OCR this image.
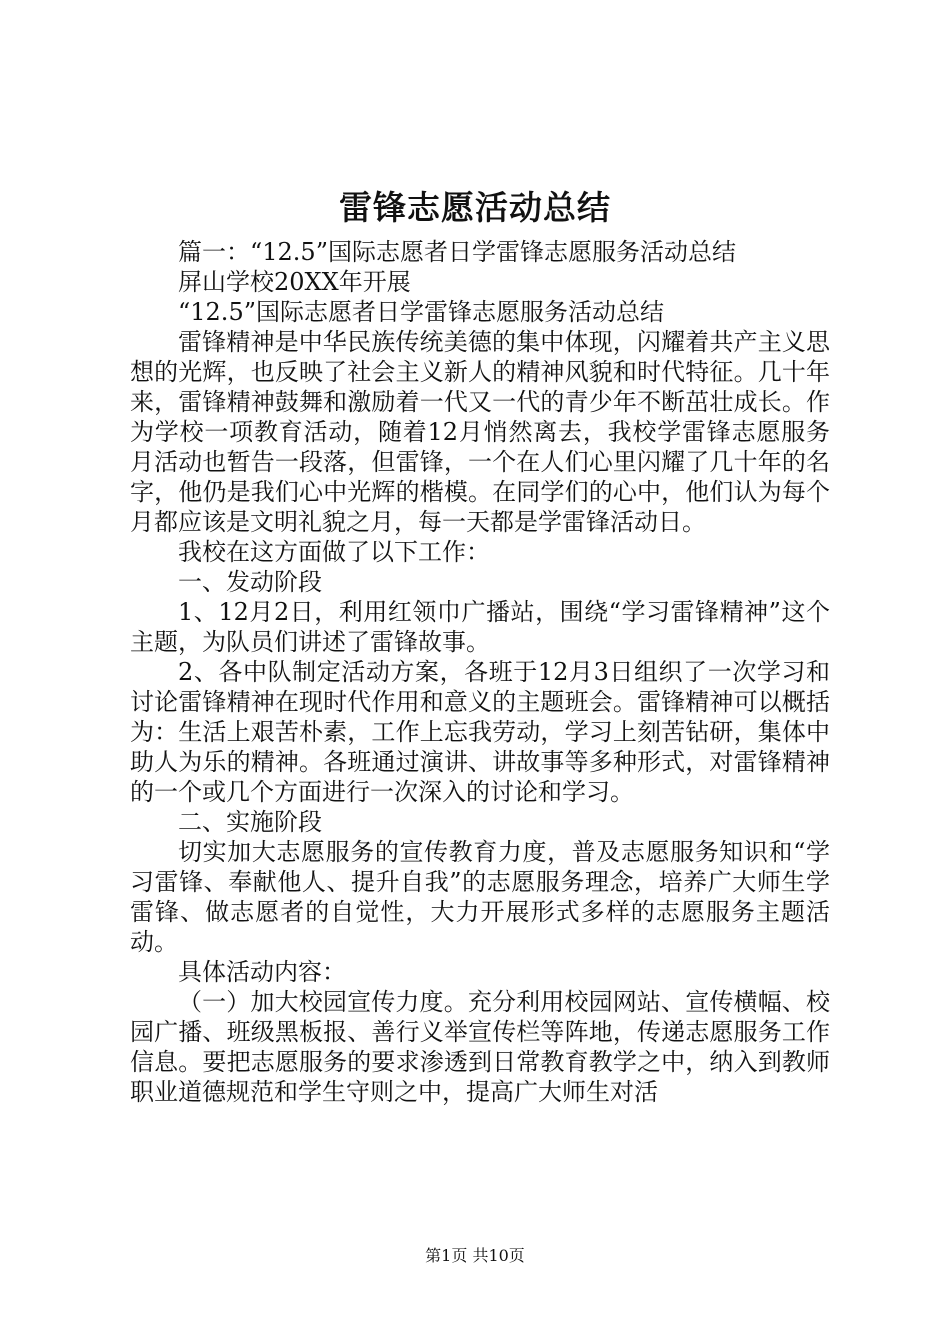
雷锋志愿活动总结

篇一：“12.5”国际志愿者日学雷锋志愿服务活动总结

屏山学校20XX年开展

“12.5”国际志愿者日学雷锋志愿服务活动总结

雷锋精神是中华民族传统美德的集中体现，闪耀着共产主义思想的光辉，也反映了社会主义新人的精神风貌和时代特征。几十年来，雷锋精神鼓舞和激励着一代又一代的青少年不断茁壮成长。作为学校一项教育活动，随着12月悄然离去，我校学雷锋志愿服务月活动也暂告一段落，但雷锋，一个在人们心里闪耀了几十年的名字，他仍是我们心中光辉的楷模。在同学们的心中，他们认为每个月都应该是文明礼貌之月，每一天都是学雷锋活动日。

我校在这方面做了以下工作：

一、发动阶段

1、12月2日，利用红领巾广播站，围绕“学习雷锋精神”这个主题，为队员们讲述了雷锋故事。

2、各中队制定活动方案，各班于12月3日组织了一次学习和讨论雷锋精神在现时代作用和意义的主题班会。雷锋精神可以概括为：生活上艰苦朴素，工作上忘我劳动，学习上刻苦钻研，集体中助人为乐的精神。各班通过演讲、讲故事等多种形式，对雷锋精神的一个或几个方面进行一次深入的讨论和学习。

二、实施阶段

切实加大志愿服务的宣传教育力度，普及志愿服务知识和“学习雷锋、奉献他人、提升自我”的志愿服务理念，培养广大师生学雷锋、做志愿者的自觉性，大力开展形式多样的志愿服务主题活动。

具体活动内容：

（一）加大校园宣传力度。充分利用校园网站、宣传横幅、校园广播、班级黑板报、善行义举宣传栏等阵地，传递志愿服务工作信息。要把志愿服务的要求渗透到日常教育教学之中，纳入到教师职业道德规范和学生守则之中，提高广大师生对活

第1页 共10页
